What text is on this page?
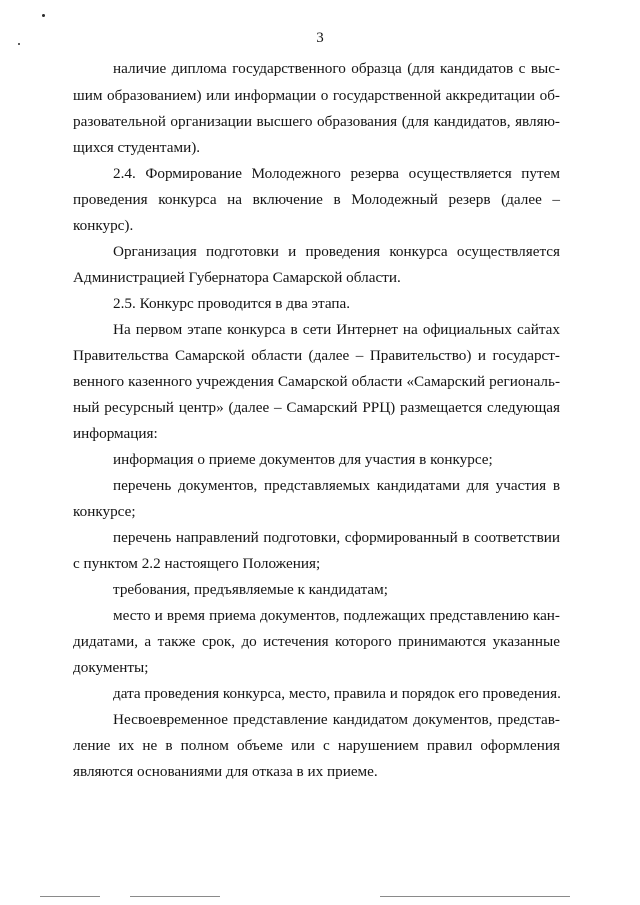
3
наличие диплома государственного образца (для кандидатов с выс-
шим образованием) или информации о государственной аккредитации об-
разовательной организации высшего образования (для кандидатов, являю-
щихся студентами).
2.4. Формирование Молодежного резерва осуществляется путем
проведения конкурса на включение в Молодежный резерв (далее –
конкурс).
Организация подготовки и проведения конкурса осуществляется
Администрацией Губернатора Самарской области.
2.5. Конкурс проводится в два этапа.
На первом этапе конкурса в сети Интернет на официальных сайтах
Правительства Самарской области (далее – Правительство) и государст-
венного казенного учреждения Самарской области «Самарский региональ-
ный ресурсный центр» (далее – Самарский РРЦ) размещается следующая
информация:
информация о приеме документов для участия в конкурсе;
перечень документов, представляемых кандидатами для участия в
конкурсе;
перечень направлений подготовки, сформированный в соответствии
с пунктом 2.2 настоящего Положения;
требования, предъявляемые к кандидатам;
место и время приема документов, подлежащих представлению кан-
дидатами, а также срок, до истечения которого принимаются указанные
документы;
дата проведения конкурса, место, правила и порядок его проведения.
Несвоевременное представление кандидатом документов, представ-
ление их не в полном объеме или с нарушением правил оформления
являются основаниями для отказа в их приеме.
